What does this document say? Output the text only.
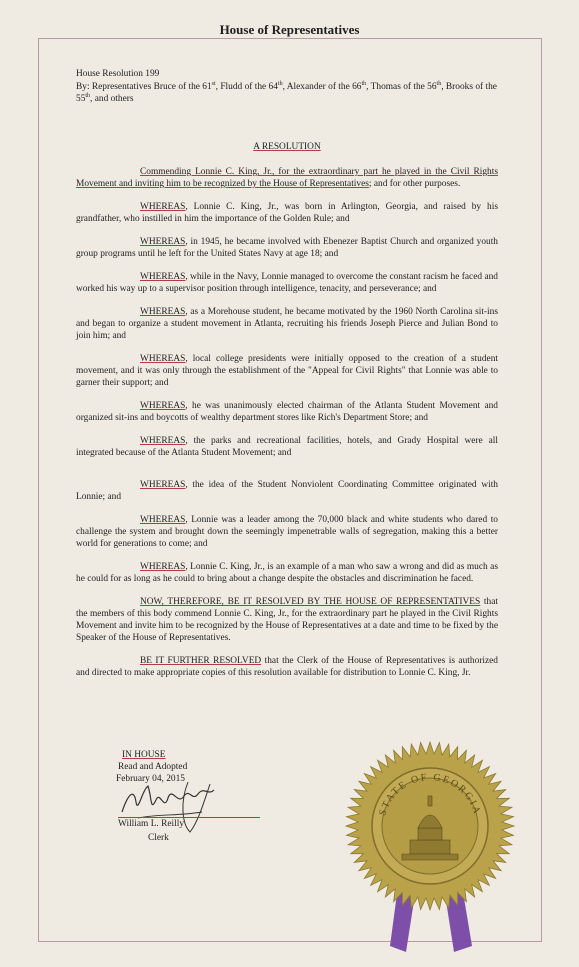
House of Representatives

House Resolution 199

By: Representatives Bruce of the 61st, Fludd of the 64th, Alexander of the 66th, Thomas of the 56th, Brooks of the 55th, and others

A RESOLUTION

Commending Lonnie C. King, Jr., for the extraordinary part he played in the Civil Rights Movement and inviting him to be recognized by the House of Representatives; and for other purposes.

WHEREAS, Lonnie C. King, Jr., was born in Arlington, Georgia, and raised by his grandfather, who instilled in him the importance of the Golden Rule; and

WHEREAS, in 1945, he became involved with Ebenezer Baptist Church and organized youth group programs until he left for the United States Navy at age 18; and

WHEREAS, while in the Navy, Lonnie managed to overcome the constant racism he faced and worked his way up to a supervisor position through intelligence, tenacity, and perseverance; and

WHEREAS, as a Morehouse student, he became motivated by the 1960 North Carolina sit-ins and began to organize a student movement in Atlanta, recruiting his friends Joseph Pierce and Julian Bond to join him; and

WHEREAS, local college presidents were initially opposed to the creation of a student movement, and it was only through the establishment of the "Appeal for Civil Rights" that Lonnie was able to garner their support; and

WHEREAS, he was unanimously elected chairman of the Atlanta Student Movement and organized sit-ins and boycotts of wealthy department stores like Rich's Department Store; and

WHEREAS, the parks and recreational facilities, hotels, and Grady Hospital were all integrated because of the Atlanta Student Movement; and

WHEREAS, the idea of the Student Nonviolent Coordinating Committee originated with Lonnie; and

WHEREAS, Lonnie was a leader among the 70,000 black and white students who dared to challenge the system and brought down the seemingly impenetrable walls of segregation, making this a better world for generations to come; and

WHEREAS, Lonnie C. King, Jr., is an example of a man who saw a wrong and did as much as he could for as long as he could to bring about a change despite the obstacles and discrimination he faced.

NOW, THEREFORE, BE IT RESOLVED BY THE HOUSE OF REPRESENTATIVES that the members of this body commend Lonnie C. King, Jr., for the extraordinary part he played in the Civil Rights Movement and invite him to be recognized by the House of Representatives at a date and time to be fixed by the Speaker of the House of Representatives.

BE IT FURTHER RESOLVED that the Clerk of the House of Representatives is authorized and directed to make appropriate copies of this resolution available for distribution to Lonnie C. King, Jr.

IN HOUSE
Read and Adopted
February 04, 2015
William L. Reilly
Clerk
STATE OF GEORGIA
